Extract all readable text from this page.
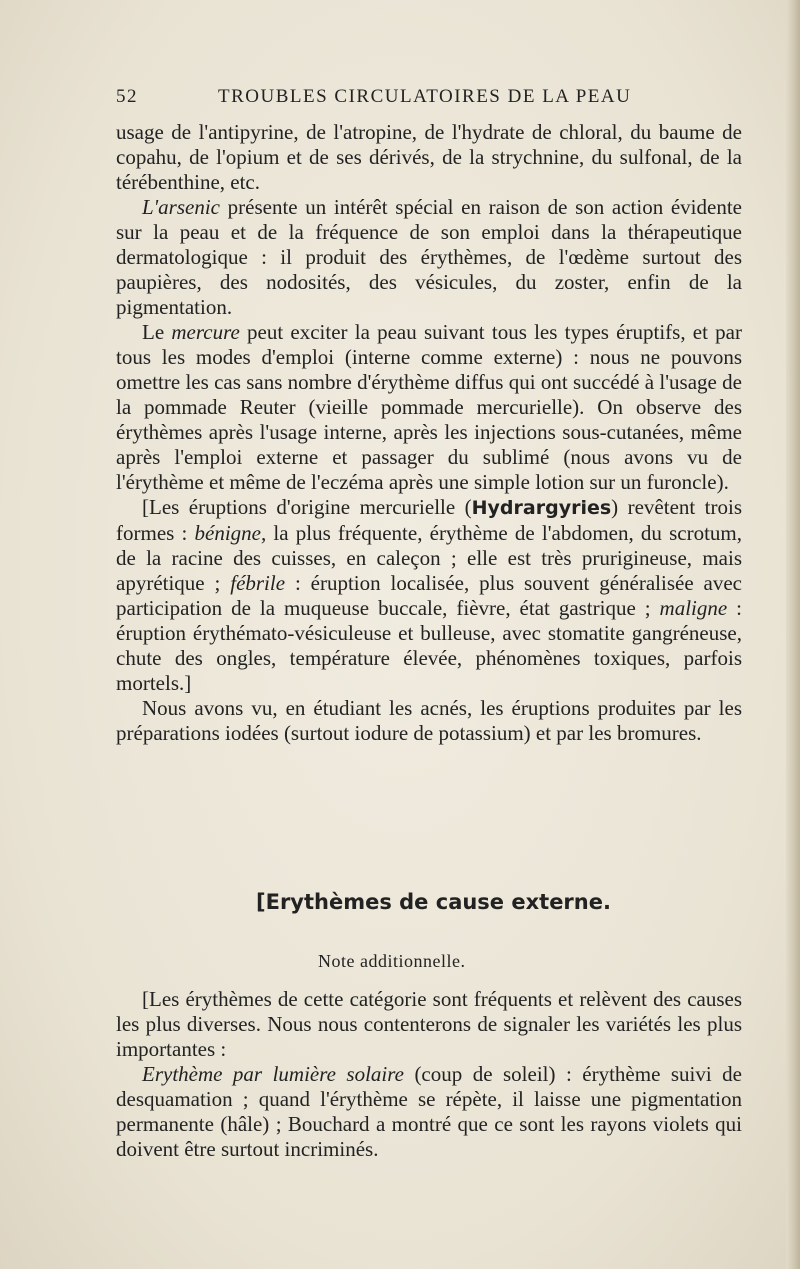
52	TROUBLES CIRCULATOIRES DE LA PEAU

usage de l'antipyrine, de l'atropine, de l'hydrate de chloral, du baume de copahu, de l'opium et de ses dérivés, de la strychnine, du sulfonal, de la térébenthine, etc.

L'arsenic présente un intérêt spécial en raison de son action évidente sur la peau et de la fréquence de son emploi dans la thérapeutique dermatologique : il produit des érythèmes, de l'œdème surtout des paupières, des nodosités, des vésicules, du zoster, enfin de la pigmentation.

Le mercure peut exciter la peau suivant tous les types éruptifs, et par tous les modes d'emploi (interne comme externe) : nous ne pouvons omettre les cas sans nombre d'érythème diffus qui ont succédé à l'usage de la pommade Reuter (vieille pommade mercurielle). On observe des érythèmes après l'usage interne, après les injections sous-cutanées, même après l'emploi externe et passager du sublimé (nous avons vu de l'érythème et même de l'eczéma après une simple lotion sur un furoncle).

[Les éruptions d'origine mercurielle (Hydrargyries) revêtent trois formes : bénigne, la plus fréquente, érythème de l'abdomen, du scrotum, de la racine des cuisses, en caleçon ; elle est très prurigineuse, mais apyrétique ; fébrile : éruption localisée, plus souvent généralisée avec participation de la muqueuse buccale, fièvre, état gastrique ; maligne : éruption érythémato-vésiculeuse et bulleuse, avec stomatite gangréneuse, chute des ongles, température élevée, phénomènes toxiques, parfois mortels.]

Nous avons vu, en étudiant les acnés, les éruptions produites par les préparations iodées (surtout iodure de potassium) et par les bromures.

[Erythèmes de cause externe.
Note additionnelle.

[Les érythèmes de cette catégorie sont fréquents et relèvent des causes les plus diverses. Nous nous contenterons de signaler les variétés les plus importantes :

Erythème par lumière solaire (coup de soleil) : érythème suivi de desquamation ; quand l'érythème se répète, il laisse une pigmentation permanente (hâle) ; Bouchard a montré que ce sont les rayons violets qui doivent être surtout incriminés.
